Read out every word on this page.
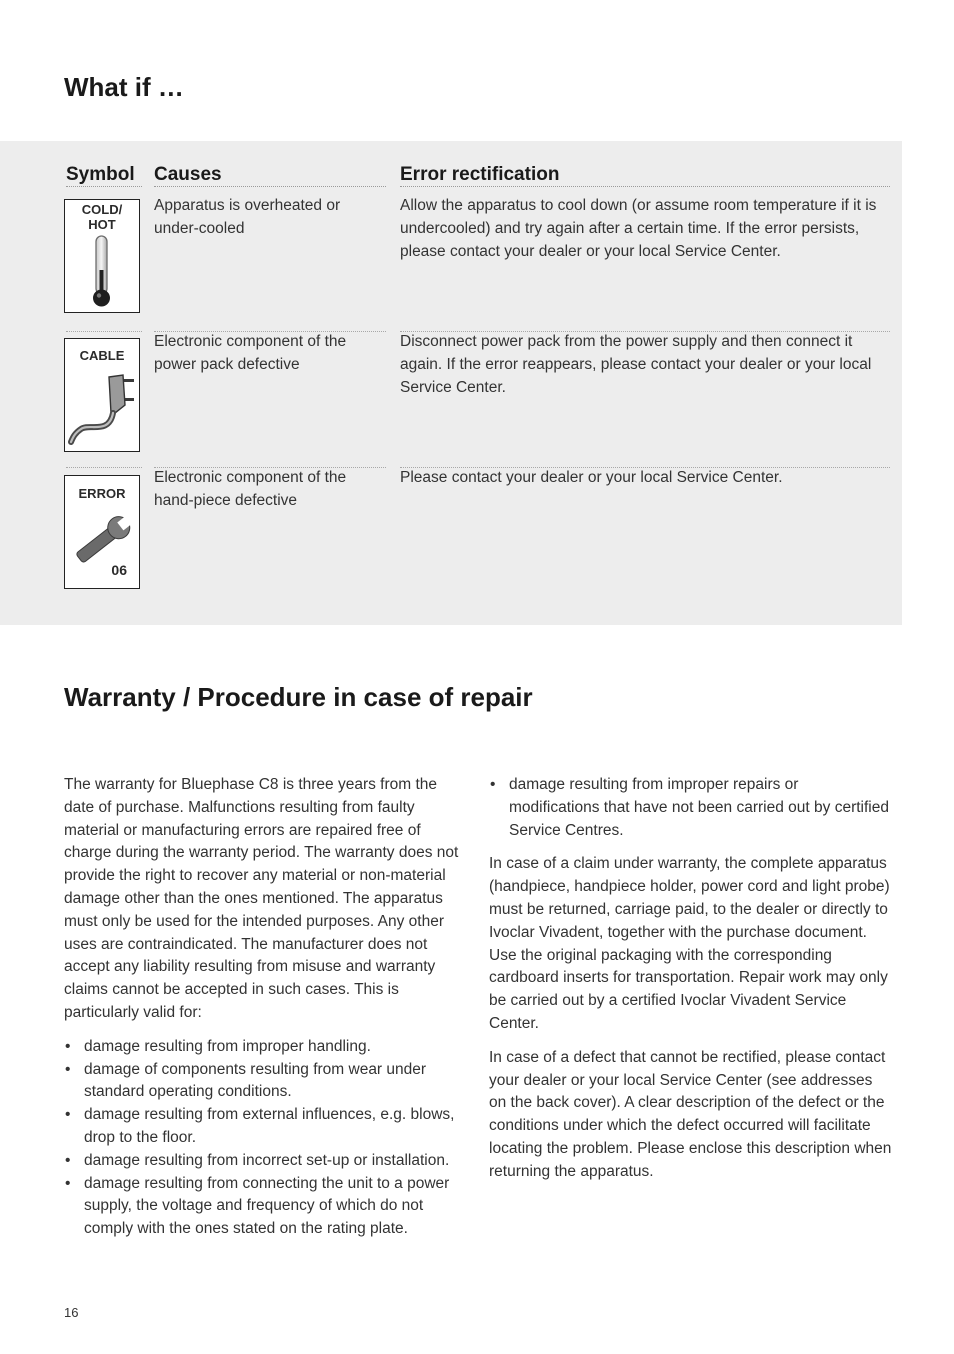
What if …
Symbol	Causes	Error rectification
COLD/
HOT
Apparatus is overheated or under-cooled
Allow the apparatus to cool down (or assume room temperature if it is undercooled) and try again after a certain time. If the error persists, please contact your dealer or your local Service Center.
CABLE
Electronic component of the power pack defective
Disconnect power pack from the power supply and then connect it again. If the error reappears, please contact your dealer or your local Service Center.
ERROR
06
Electronic component of the hand-piece defective
Please contact your dealer or your local Service Center.
Warranty / Procedure in case of repair

The warranty for Bluephase C8 is three years from the date of purchase. Malfunctions resulting from faulty material or manufacturing errors are repaired free of charge during the warranty period. The warranty does not provide the right to recover any material or non-material damage other than the ones mentioned. The apparatus must only be used for the intended purposes. Any other uses are contraindicated. The manufacturer does not accept any liability resulting from misuse and warranty claims cannot be accepted in such cases. This is particularly valid for:

• damage resulting from improper handling.
• damage of components resulting from wear under standard operating conditions.
• damage resulting from external influences, e.g. blows, drop to the floor.
• damage resulting from incorrect set-up or installation.
• damage resulting from connecting the unit to a power supply, the voltage and frequency of which do not comply with the ones stated on the rating plate.
• damage resulting from improper repairs or modifications that have not been carried out by certified Service Centres.

In case of a claim under warranty, the complete apparatus (handpiece, handpiece holder, power cord and light probe) must be returned, carriage paid, to the dealer or directly to Ivoclar Vivadent, together with the purchase document. Use the original packaging with the corresponding cardboard inserts for transportation. Repair work may only be carried out by a certified Ivoclar Vivadent Service Center.

In case of a defect that cannot be rectified, please contact your dealer or your local Service Center (see addresses on the back cover). A clear description of the defect or the conditions under which the defect occurred will facilitate locating the problem. Please enclose this description when returning the apparatus.

16
